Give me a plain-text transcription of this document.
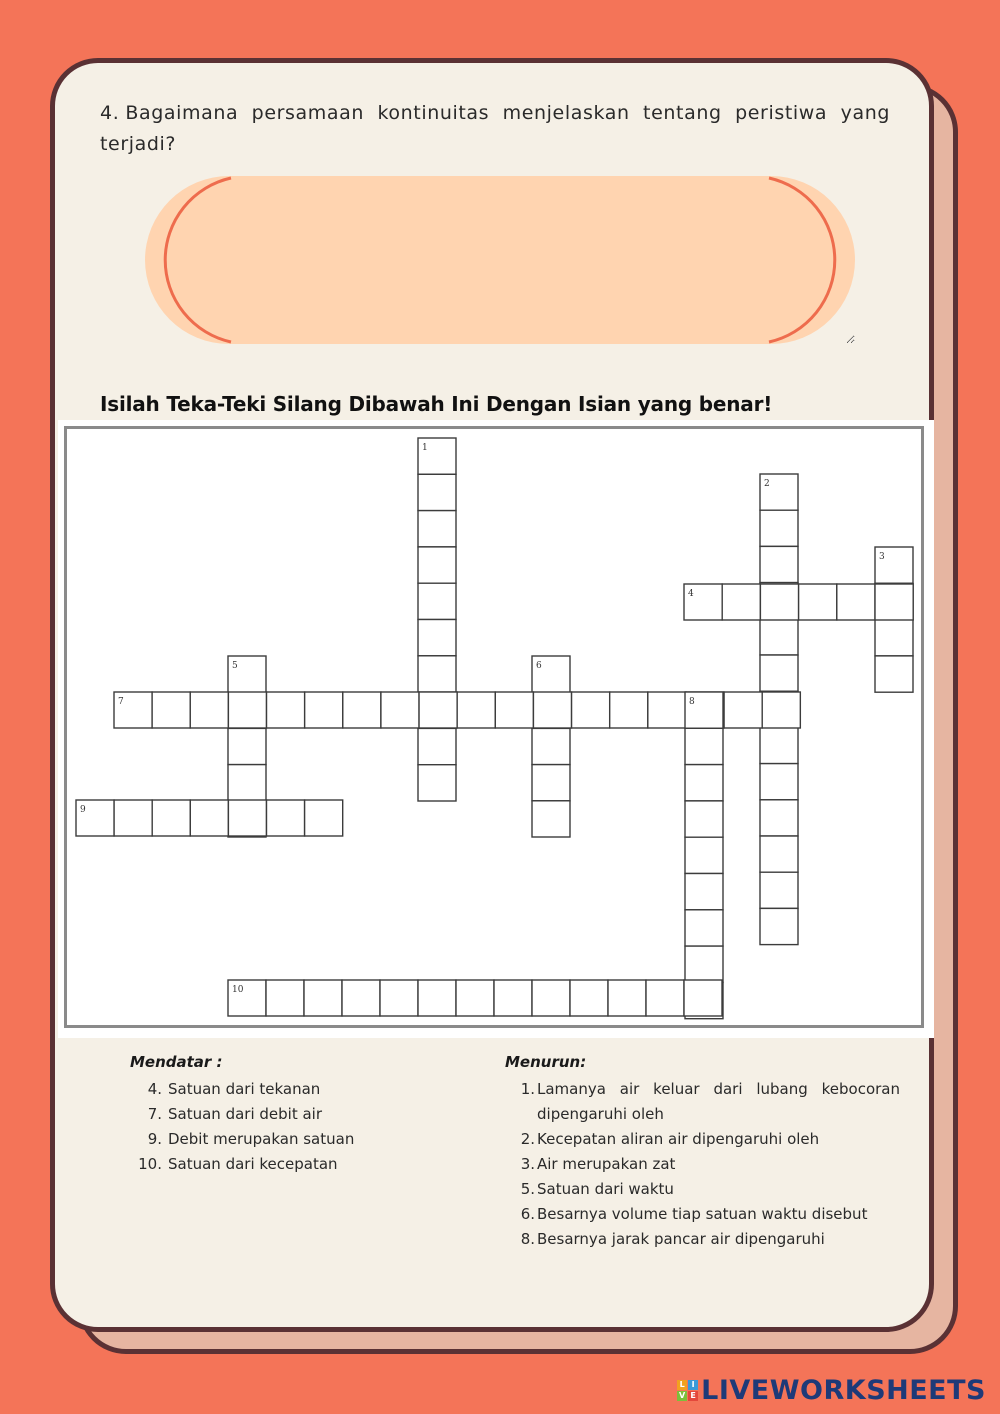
4. Bagaimana persamaan kontinuitas menjelaskan tentang peristiwa yang terjadi?
Isilah Teka-Teki Silang Dibawah Ini Dengan Isian yang benar!
1
2
3
4
5	6
7	8
9
10
Mendatar :
4. Satuan dari tekanan
7. Satuan dari debit air
9. Debit merupakan satuan
10. Satuan dari kecepatan
Menurun:
1. Lamanya air keluar dari lubang kebocoran dipengaruhi oleh
2. Kecepatan aliran air dipengaruhi oleh
3. Air merupakan zat
5. Satuan dari waktu
6. Besarnya volume tiap satuan waktu disebut
8. Besarnya jarak pancar air dipengaruhi
L I
V E LIVEWORKSHEETS
